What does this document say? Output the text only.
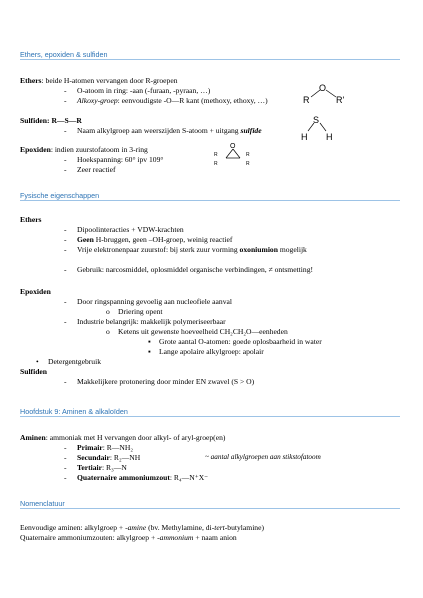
Ethers, epoxiden & sulfiden
Ethers: beide H-atomen vervangen door R-groepen
- O-atoom in ring: -aan (-furaan, -pyraan, …)
- Alkoxy-groep: eenvoudigste -O—R kant (methoxy, ethoxy, …)	R
O
R'
Sulfiden: R—S—R
- Naam alkylgroep aan weerszijden S-atoom + uitgang sulfide
S
H H
Epoxiden: indien zuurstofatoom in 3-ring
- Hoekspanning: 60° ipv 109°
- Zeer reactief
O
R
R
R
R
Fysische eigenschappen
Ethers
- Dipoolinteracties + VDW-krachten
- Geen H-bruggen, geen –OH-groep, weinig reactief
- Vrije elektronenpaar zuurstof: bij sterk zuur vorming oxoniumion mogelijk
- Gebruik: narcosmiddel, oplosmiddel organische verbindingen, ≠ ontsmetting!
Epoxiden
- Door ringspanning gevoelig aan nucleofiele aanval
o Driering opent
- Industrie belangrijk: makkelijk polymeriseerbaar
o Ketens uit gewenste hoeveelheid CH₂CH₂O—eenheden
▪ Grote aantal O-atomen: goede oplosbaarheid in water
▪ Lange apolaire alkylgroep: apolair
• Detergentgebruik
Sulfiden
- Makkelijkere protonering door minder EN zwavel (S > O)
Hoofdstuk 9: Aminen & alkaloïden
Aminen: ammoniak met H vervangen door alkyl- of aryl-groep(en)
- Primair: R—NH₂
- Secundair: R₂—NH	~ aantal alkylgroepen aan stikstofatoom
- Tertiair: R₃—N
- Quaternaire ammoniumzout: R₄—N⁺X⁻
Nomenclatuur
Eenvoudige aminen: alkylgroep + -amine (bv. Methylamine, di-tert-butylamine)
Quaternaire ammoniumzouten: alkylgroep + -ammonium + naam anion
